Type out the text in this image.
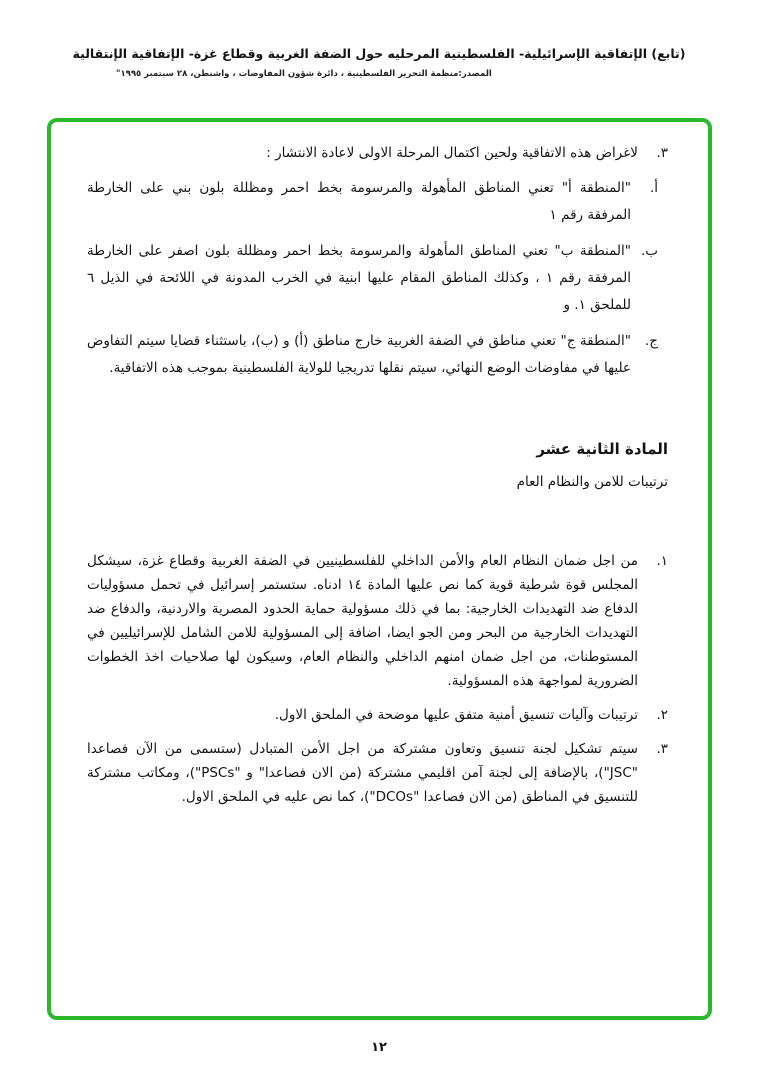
(تابع) الإتفاقية الإسرائيلية- الفلسطينية المرحليه حول الضفة الغربية وقطاع غزة- الإتفاقية الإنتقالية
المصدر:منظمة التحرير الفلسطينية ، دائرة شؤون المفاوضات ، واشنطن، ٢٨ سبتمبر ١٩٩٥"
٣.
لاغراض هذه الاتفاقية ولحين اكتمال المرحلة الاولى لاعادة الانتشار :
أ.
"المنطقة أ" تعني المناطق المأهولة والمرسومة بخط احمر ومظللة بلون بني على الخارطة المرفقة رقم ١
ب.
"المنطقة ب" تعني المناطق المأهولة والمرسومة بخط احمر ومظللة بلون اصفر على الخارطة المرفقة رقم ١ ، وكذلك المناطق المقام عليها ابنية في الخرب المدونة في اللائحة في الذيل ٦ للملحق ١. و
ج.
"المنطقة ج" تعني مناطق في الضفة الغربية خارج مناطق (أ) و (ب)، باستثناء قضايا سيتم التفاوض عليها في مفاوضات الوضع النهائي، سيتم نقلها تدريجيا للولاية الفلسطينية بموجب هذه الاتفاقية.
المادة الثانية عشر
ترتيبات للامن والنظام العام
١.
من اجل ضمان النظام العام والأمن الداخلي للفلسطينيين في الضفة الغربية وقطاع غزة، سيشكل المجلس قوة شرطية قوية كما نص عليها المادة ١٤ ادناه. ستستمر إسرائيل في تحمل مسؤوليات الدفاع ضد التهديدات الخارجية: بما في ذلك مسؤولية حماية الحدود المصرية والاردنية، والدفاع ضد التهديدات الخارجية من البحر ومن الجو ايضا، اضافة إلى المسؤولية للامن الشامل للإسرائيليين في المستوطنات، من اجل ضمان امنهم الداخلي والنظام العام، وسيكون لها صلاحيات اخذ الخطوات الضرورية لمواجهة هذه المسؤولية.
٢.
ترتيبات وآليات تنسيق أمنية متفق عليها موضحة في الملحق الاول.
٣.
سيتم تشكيل لجنة تنسيق وتعاون مشتركة من اجل الأمن المتبادل (ستسمى من الآن فصاعدا "JSC")، بالإضافة إلى لجنة آمن اقليمي مشتركة (من الان فصاعدا" و "PSCs")، ومكاتب مشتركة للتنسيق في المناطق (من الان فصاعدا "DCOs")، كما نص عليه في الملحق الاول.
١٢
